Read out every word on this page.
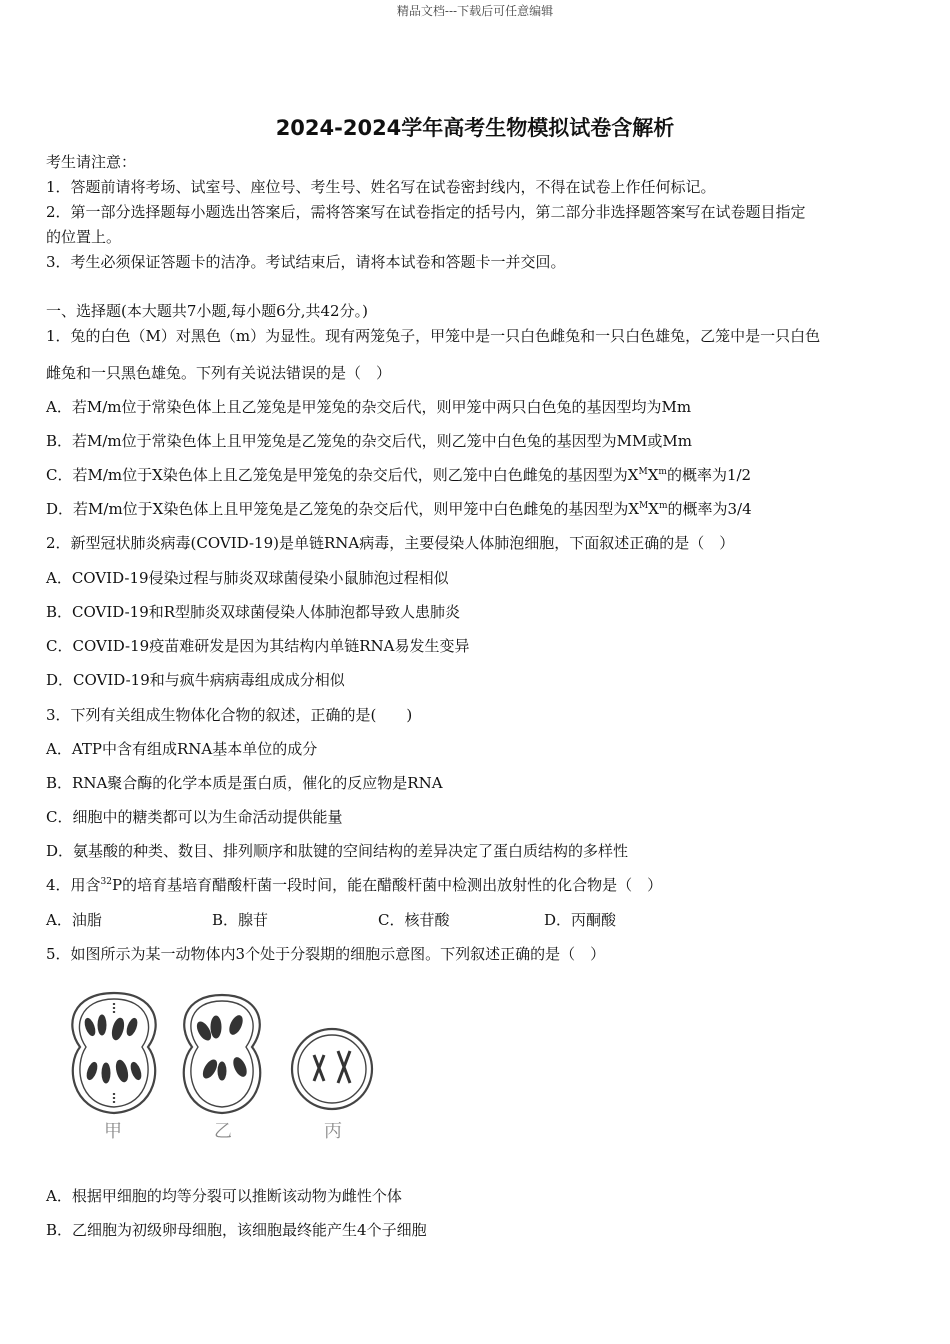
精品文档---下载后可任意编辑
2024-2024学年高考生物模拟试卷含解析
考生请注意：
1．答题前请将考场、试室号、座位号、考生号、姓名写在试卷密封线内，不得在试卷上作任何标记。
2．第一部分选择题每小题选出答案后，需将答案写在试卷指定的括号内，第二部分非选择题答案写在试卷题目指定
的位置上。
3．考生必须保证答题卡的洁净。考试结束后，请将本试卷和答题卡一并交回。
一、选择题(本大题共7小题,每小题6分,共42分。)
1．兔的白色（M）对黑色（m）为显性。现有两笼兔子，甲笼中是一只白色雌兔和一只白色雄兔，乙笼中是一只白色
雌兔和一只黑色雄兔。下列有关说法错误的是（　）
A．若M/m位于常染色体上且乙笼兔是甲笼兔的杂交后代，则甲笼中两只白色兔的基因型均为Mm
B．若M/m位于常染色体上且甲笼兔是乙笼兔的杂交后代，则乙笼中白色兔的基因型为MM或Mm
C．若M/m位于X染色体上且乙笼兔是甲笼兔的杂交后代，则乙笼中白色雌兔的基因型为$X^MX^m$的概率为1/2
D．若M/m位于X染色体上且甲笼兔是乙笼兔的杂交后代，则甲笼中白色雌兔的基因型为$X^MX^m$的概率为3/4
2．新型冠状肺炎病毒(COVID-19)是单链RNA病毒，主要侵染人体肺泡细胞，下面叙述正确的是（　）
A．COVID-19侵染过程与肺炎双球菌侵染小鼠肺泡过程相似
B．COVID-19和R型肺炎双球菌侵染人体肺泡都导致人患肺炎
C．COVID-19疫苗难研发是因为其结构内单链RNA易发生变异
D．COVID-19和与疯牛病病毒组成成分相似
3．下列有关组成生物体化合物的叙述，正确的是(　　)
A．ATP中含有组成RNA基本单位的成分
B．RNA聚合酶的化学本质是蛋白质，催化的反应物是RNA
C．细胞中的糖类都可以为生命活动提供能量
D．氨基酸的种类、数目、排列顺序和肽键的空间结构的差异决定了蛋白质结构的多样性
4．用含$^{32}$P的培育基培育醋酸杆菌一段时间，能在醋酸杆菌中检测出放射性的化合物是（　）
A．油脂	B．腺苷	C．核苷酸	D．丙酮酸
5．如图所示为某一动物体内3个处于分裂期的细胞示意图。下列叙述正确的是（　）
甲	乙	丙
A．根据甲细胞的均等分裂可以推断该动物为雌性个体
B．乙细胞为初级卵母细胞，该细胞最终能产生4个子细胞
